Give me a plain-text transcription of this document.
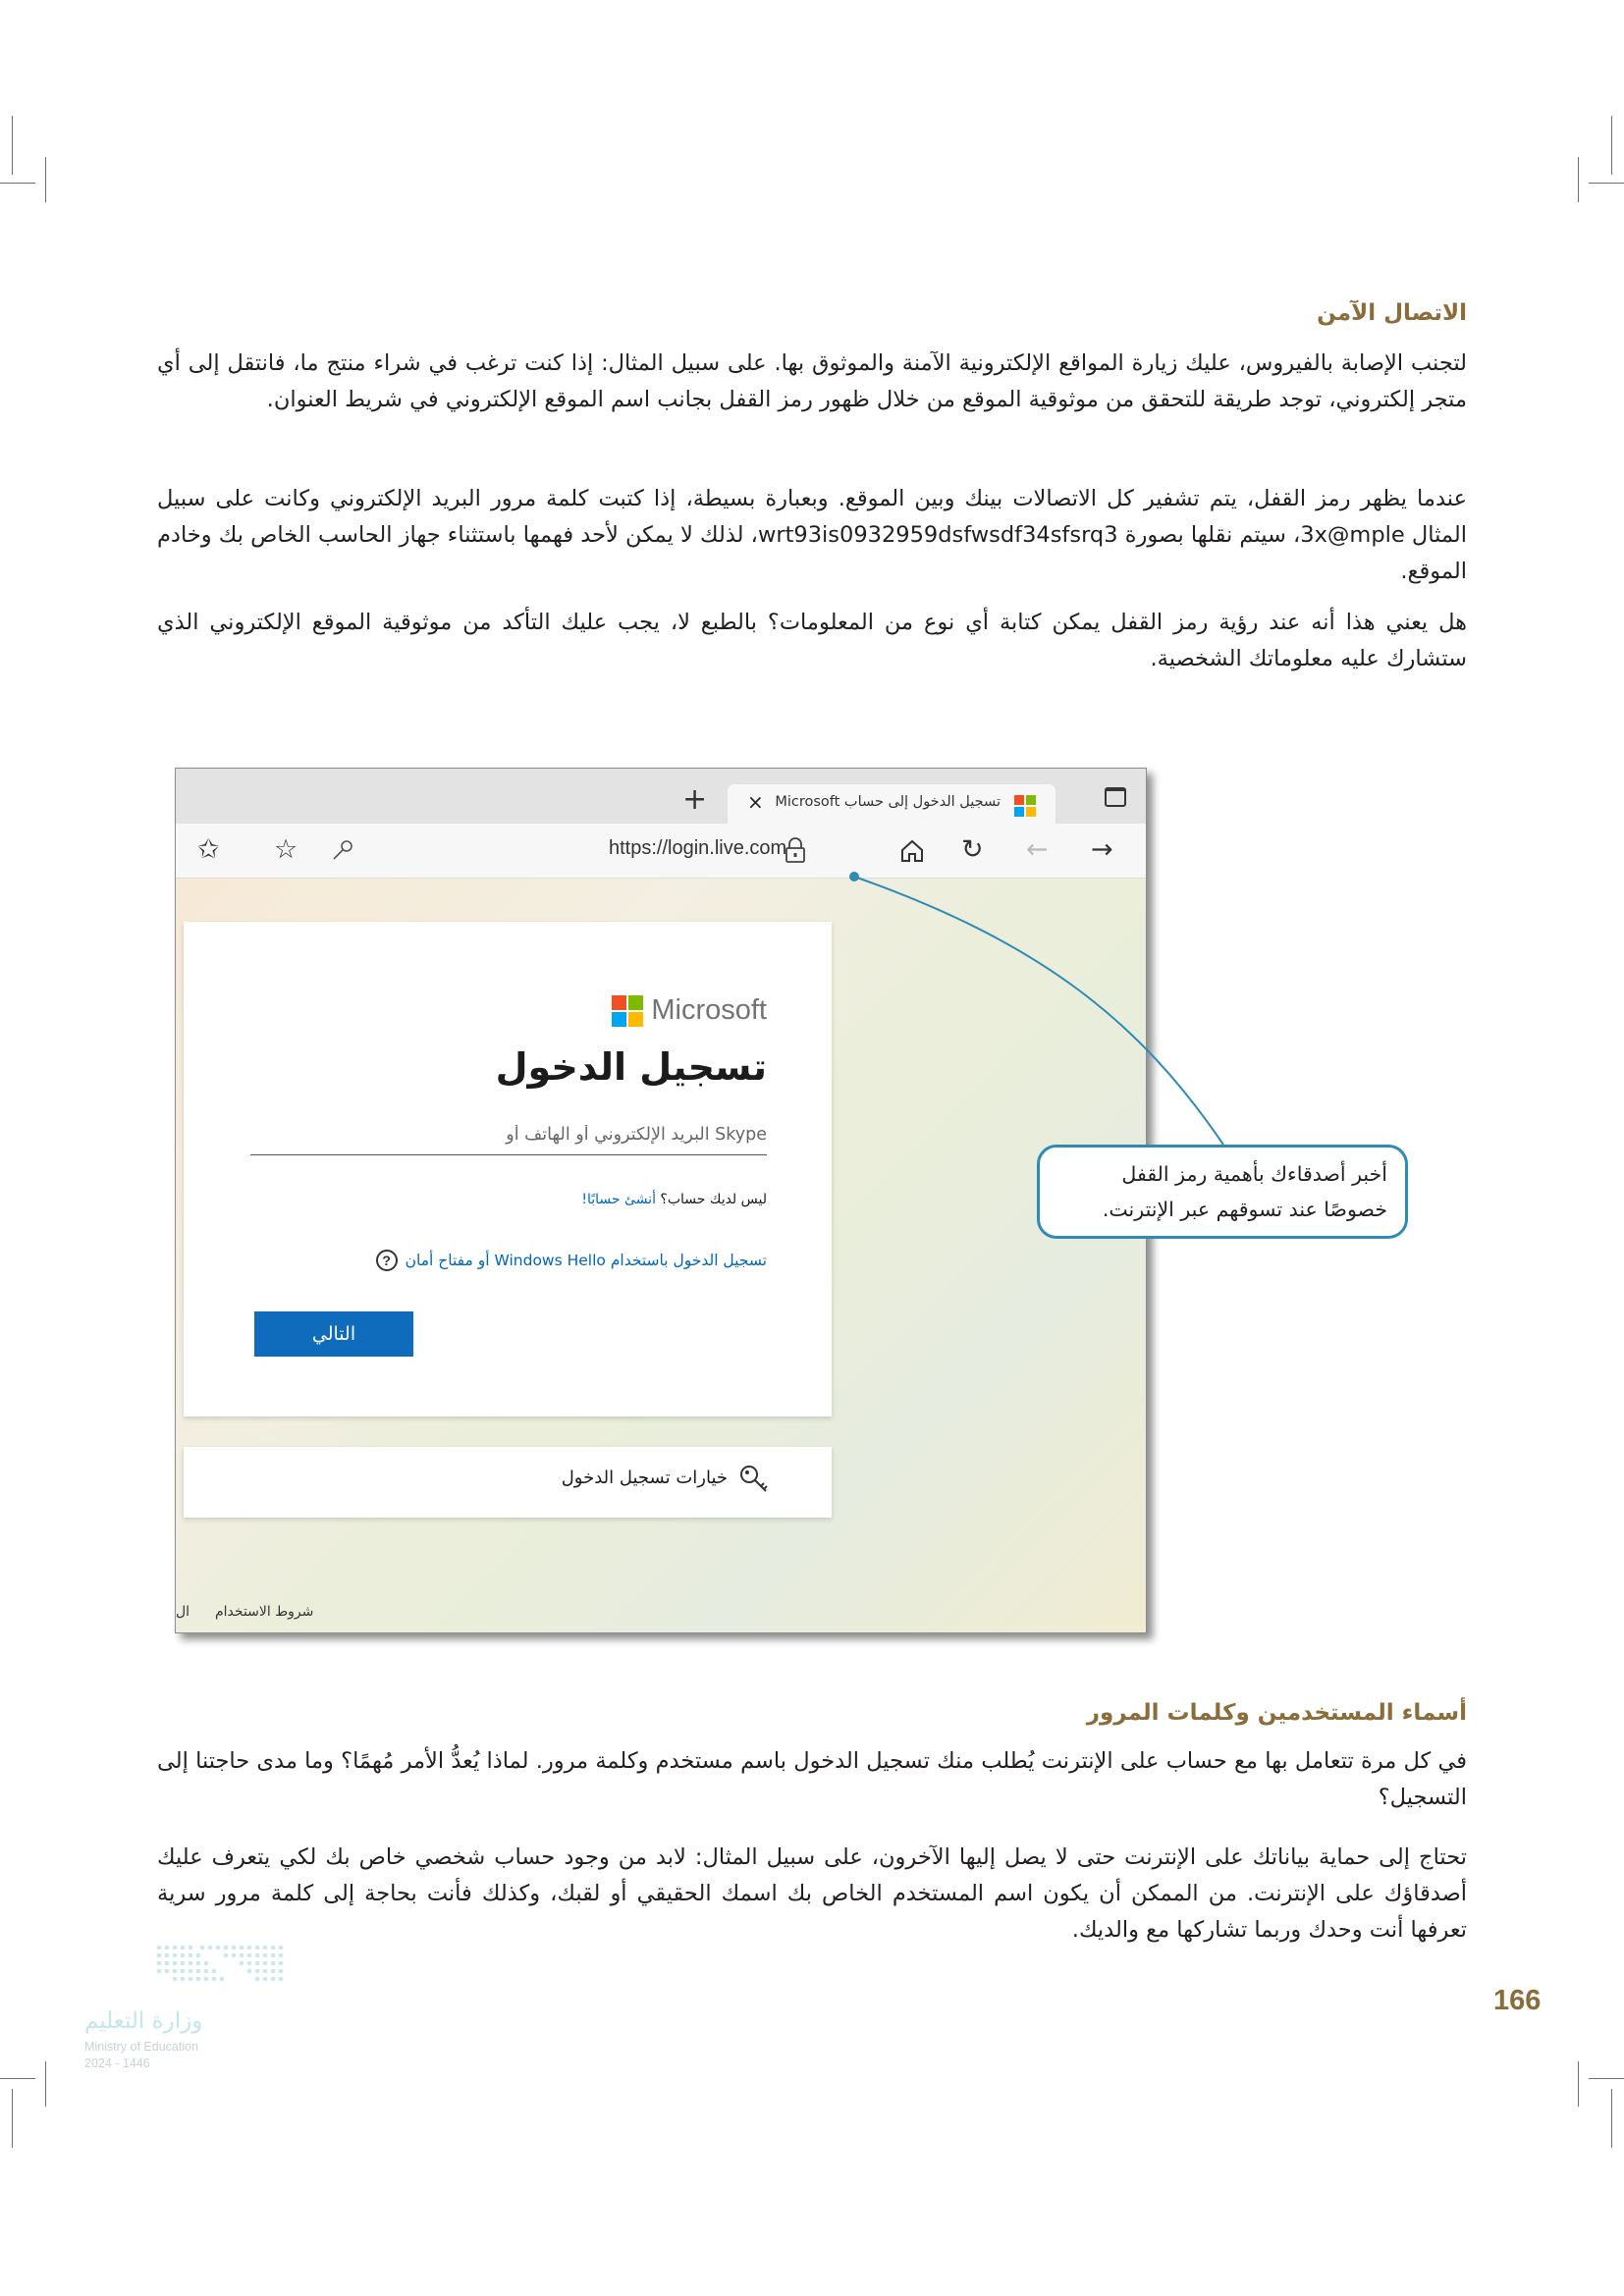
الاتصال الآمن

لتجنب الإصابة بالفيروس، عليك زيارة المواقع الإلكترونية الآمنة والموثوق بها. على سبيل المثال: إذا كنت ترغب في شراء منتج ما، فانتقل إلى أي متجر إلكتروني، توجد طريقة للتحقق من موثوقية الموقع من خلال ظهور رمز القفل بجانب اسم الموقع الإلكتروني في شريط العنوان.

عندما يظهر رمز القفل، يتم تشفير كل الاتصالات بينك وبين الموقع. وبعبارة بسيطة، إذا كتبت كلمة مرور البريد الإلكتروني وكانت على سبيل المثال 3x@mple، سيتم نقلها بصورة wrt93is0932959dsfwsdf34sfsrq3، لذلك لا يمكن لأحد فهمها باستثناء جهاز الحاسب الخاص بك وخادم الموقع.

هل يعني هذا أنه عند رؤية رمز القفل يمكن كتابة أي نوع من المعلومات؟ بالطبع لا، يجب عليك التأكد من موثوقية الموقع الإلكتروني الذي ستشارك عليه معلوماتك الشخصية.

تسجيل الدخول إلى حساب Microsoft
×
+
✩ ☆	https://login.live.com	↻ ← →
Microsoft
تسجيل الدخول
Skype البريد الإلكتروني أو الهاتف أو
ليس لديك حساب؟ أنشئ حسابًا!
تسجيل الدخول باستخدام Windows Hello أو مفتاح أمان
?
التالي
خيارات تسجيل الدخول
شروط الاستخدام
ال
أخبر أصدقاءك بأهمية رمز القفل خصوصًا عند تسوقهم عبر الإنترنت.
أسماء المستخدمين وكلمات المرور

في كل مرة تتعامل بها مع حساب على الإنترنت يُطلب منك تسجيل الدخول باسم مستخدم وكلمة مرور. لماذا يُعدُّ الأمر مُهمًا؟ وما مدى حاجتنا إلى التسجيل؟

تحتاج إلى حماية بياناتك على الإنترنت حتى لا يصل إليها الآخرون، على سبيل المثال: لابد من وجود حساب شخصي خاص بك لكي يتعرف عليك أصدقاؤك على الإنترنت. من الممكن أن يكون اسم المستخدم الخاص بك اسمك الحقيقي أو لقبك، وكذلك فأنت بحاجة إلى كلمة مرور سرية تعرفها أنت وحدك وربما تشاركها مع والديك.

وزارة التعليم
Ministry of Education
2024 - 1446
166
